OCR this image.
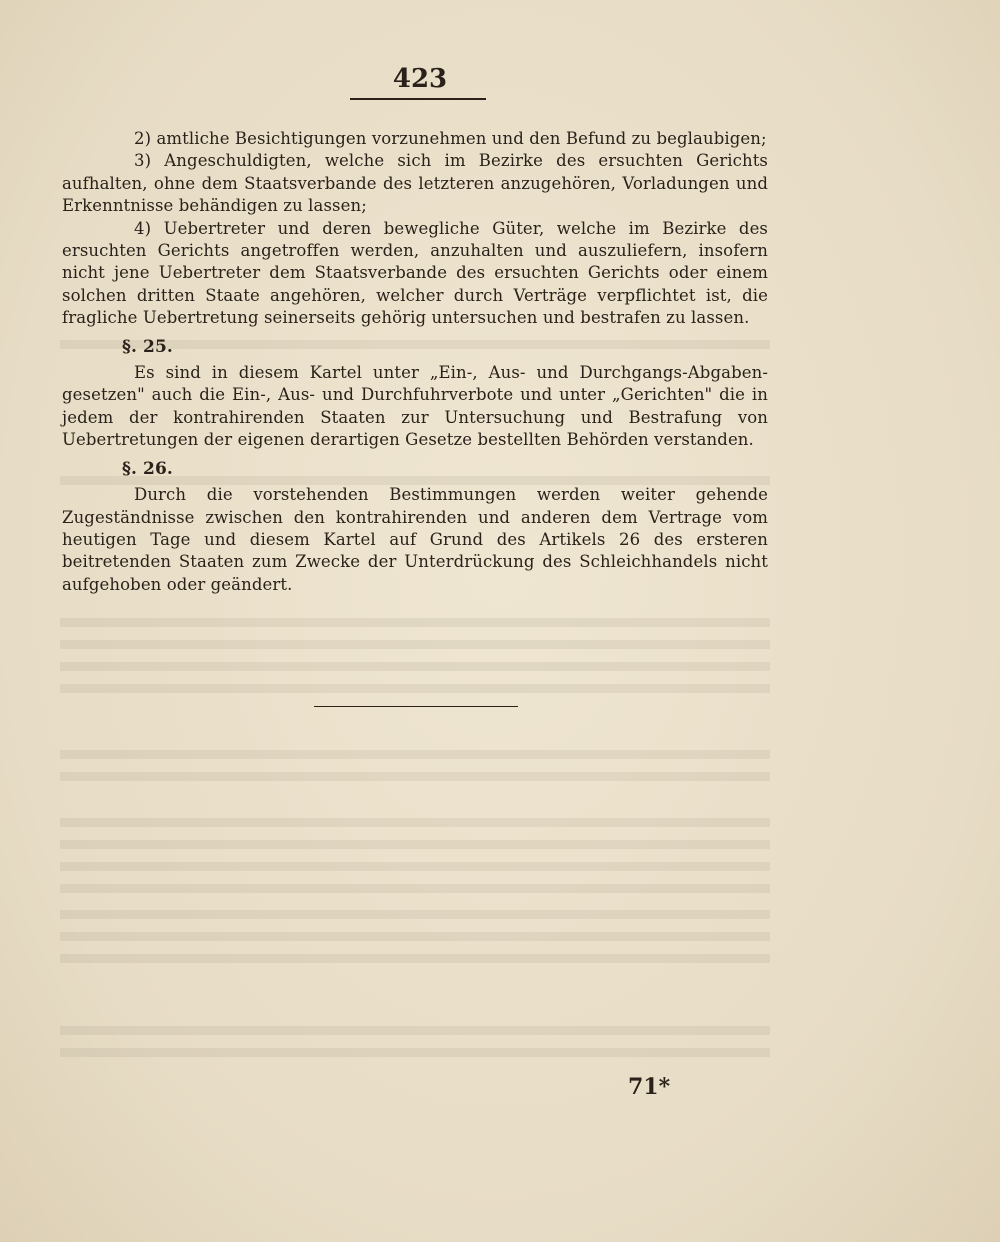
423

2) amtliche Besichtigungen vorzunehmen und den Befund zu beglaubigen;

3) Angeschuldigten, welche sich im Bezirke des ersuchten Gerichts aufhalten, ohne dem Staatsverbande des letzteren anzugehören, Vorladungen und Erkenntnisse behändigen zu lassen;

4) Uebertreter und deren bewegliche Güter, welche im Bezirke des ersuchten Gerichts angetroffen werden, anzuhalten und auszuliefern, insofern nicht jene Uebertreter dem Staatsverbande des ersuchten Gerichts oder einem solchen dritten Staate angehören, welcher durch Verträge verpflichtet ist, die fragliche Uebertretung seinerseits gehörig untersuchen und bestrafen zu lassen.

§. 25.

Es sind in diesem Kartel unter „Ein-, Aus- und Durchgangs-Abgaben-gesetzen" auch die Ein-, Aus- und Durchfuhrverbote und unter „Gerichten" die in jedem der kontrahirenden Staaten zur Untersuchung und Bestrafung von Uebertretungen der eigenen derartigen Gesetze bestellten Behörden verstanden.

§. 26.

Durch die vorstehenden Bestimmungen werden weiter gehende Zugeständnisse zwischen den kontrahirenden und anderen dem Vertrage vom heutigen Tage und diesem Kartel auf Grund des Artikels 26 des ersteren beitretenden Staaten zum Zwecke der Unterdrückung des Schleichhandels nicht aufgehoben oder geändert.

71*
